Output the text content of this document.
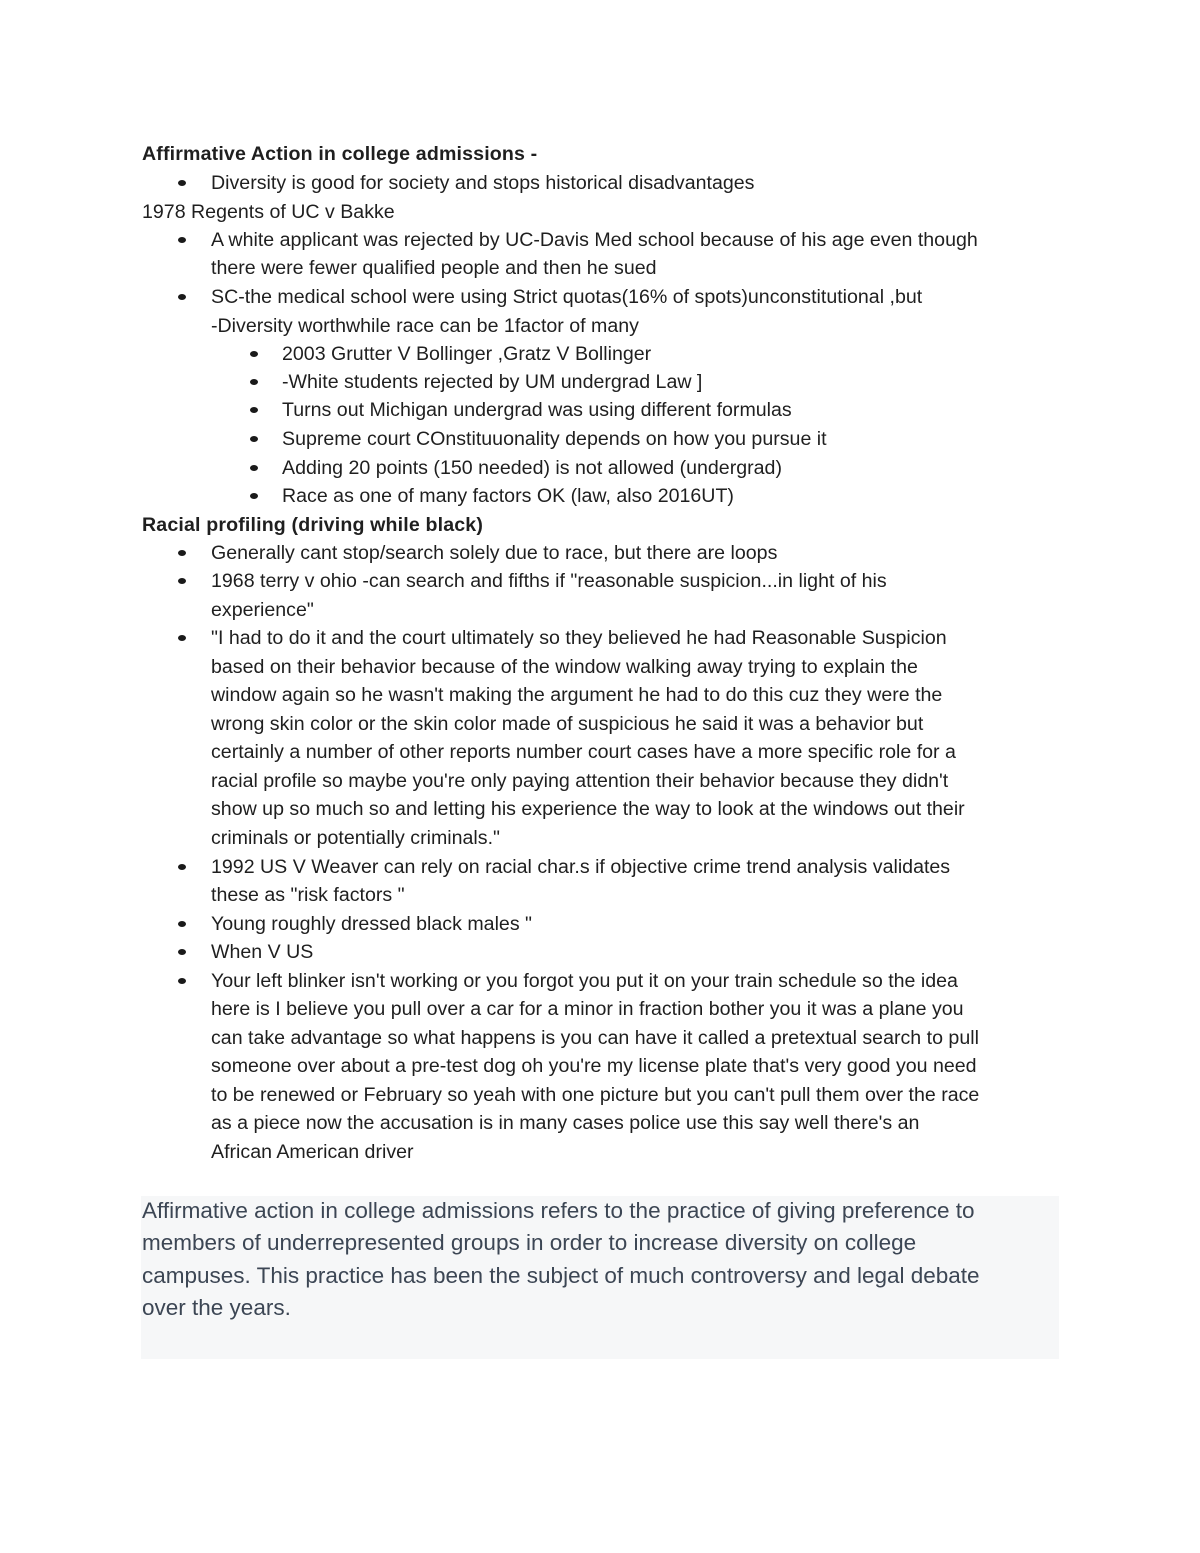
Affirmative Action in college admissions -

Diversity is good for society and stops historical disadvantages

1978 Regents of UC v Bakke

A white applicant was rejected by UC-Davis Med school because of his age even though

there were fewer qualified people and then he sued

SC-the medical school were using Strict quotas(16% of spots)unconstitutional ,but

-Diversity worthwhile race can be 1factor of many

2003 Grutter V Bollinger ,Gratz V Bollinger

-White students rejected by UM undergrad Law ]

Turns out Michigan undergrad was using different formulas

Supreme court COnstituuonality depends on how you pursue it

Adding 20 points (150 needed) is not allowed (undergrad)

Race as one of many factors OK (law, also 2016UT)

Racial profiling (driving while black)

Generally cant stop/search solely due to race, but there are loops

1968 terry v ohio -can search and fifths if "reasonable suspicion...in light of his

experience"

"I had to do it and the court ultimately so they believed he had Reasonable Suspicion

based on their behavior because of the window walking away trying to explain the

window again so he wasn't making the argument he had to do this cuz they were the

wrong skin color or the skin color made of suspicious he said it was a behavior but

certainly a number of other reports number court cases have a more specific role for a

racial profile so maybe you're only paying attention their behavior because they didn't

show up so much so and letting his experience the way to look at the windows out their

criminals or potentially criminals."

1992 US V Weaver can rely on racial char.s if objective crime trend analysis validates

these as "risk factors "

Young roughly dressed black males "

When V US

Your left blinker isn't working or you forgot you put it on your train schedule so the idea

here is I believe you pull over a car for a minor in fraction bother you it was a plane you

can take advantage so what happens is you can have it called a pretextual search to pull

someone over about a pre-test dog oh you're my license plate that's very good you need

to be renewed or February so yeah with one picture but you can't pull them over the race

as a piece now the accusation is in many cases police use this say well there's an

African American driver

Affirmative action in college admissions refers to the practice of giving preference to

members of underrepresented groups in order to increase diversity on college

campuses. This practice has been the subject of much controversy and legal debate

over the years.
